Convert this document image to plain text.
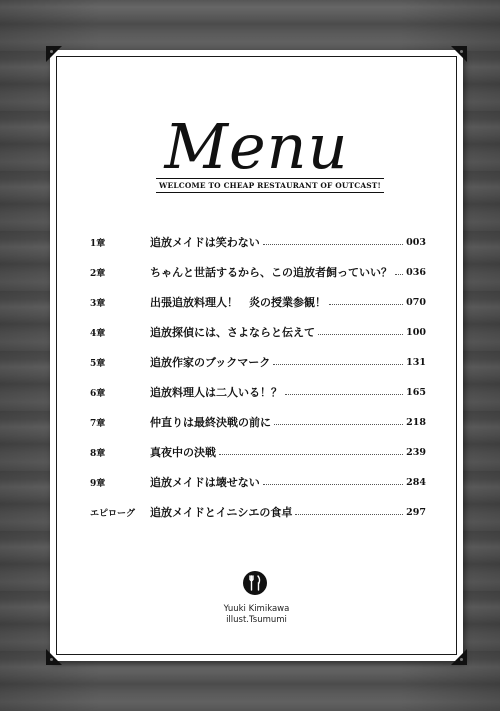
Menu
WELCOME TO CHEAP RESTAURANT OF OUTCAST!
1章	追放メイドは笑わない	003
2章	ちゃんと世話するから、この追放者飼っていい？ 036
3章	出張追放料理人！　炎の授業参観！	070
4章	追放探偵には、さよならと伝えて	100
5章	追放作家のブックマーク	131
6章	追放料理人は二人いる！？	165
7章	仲直りは最終決戦の前に	218
8章	真夜中の決戦	239
9章	追放メイドは壊せない	284
エピローグ	追放メイドとイニシエの食卓	297
Yuuki Kimikawa
illust.Tsumumi
